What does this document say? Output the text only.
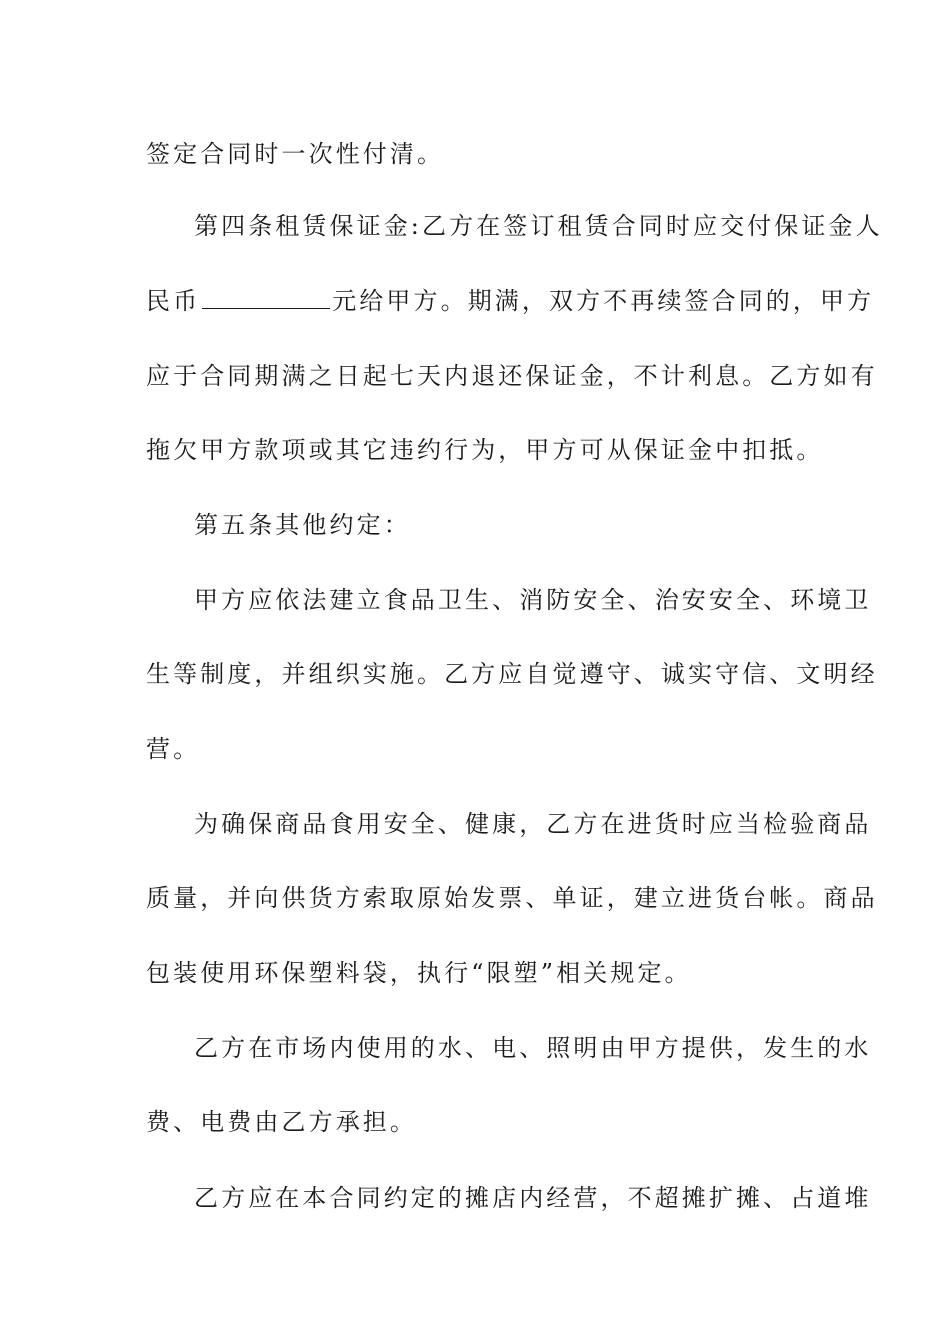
签定合同时一次性付清。
第四条租赁保证金:乙方在签订租赁合同时应交付保证金人
民币	元给甲方。期满，双方不再续签合同的，甲方
应于合同期满之日起七天内退还保证金，不计利息。乙方如有
拖欠甲方款项或其它违约行为，甲方可从保证金中扣抵。
第五条其他约定：
甲方应依法建立食品卫生、消防安全、治安安全、环境卫
生等制度，并组织实施。乙方应自觉遵守、诚实守信、文明经
营。
为确保商品食用安全、健康，乙方在进货时应当检验商品
质量，并向供货方索取原始发票、单证，建立进货台帐。商品
包装使用环保塑料袋，执行“限塑”相关规定。
乙方在市场内使用的水、电、照明由甲方提供，发生的水
费、电费由乙方承担。
乙方应在本合同约定的摊店内经营，不超摊扩摊、占道堆
